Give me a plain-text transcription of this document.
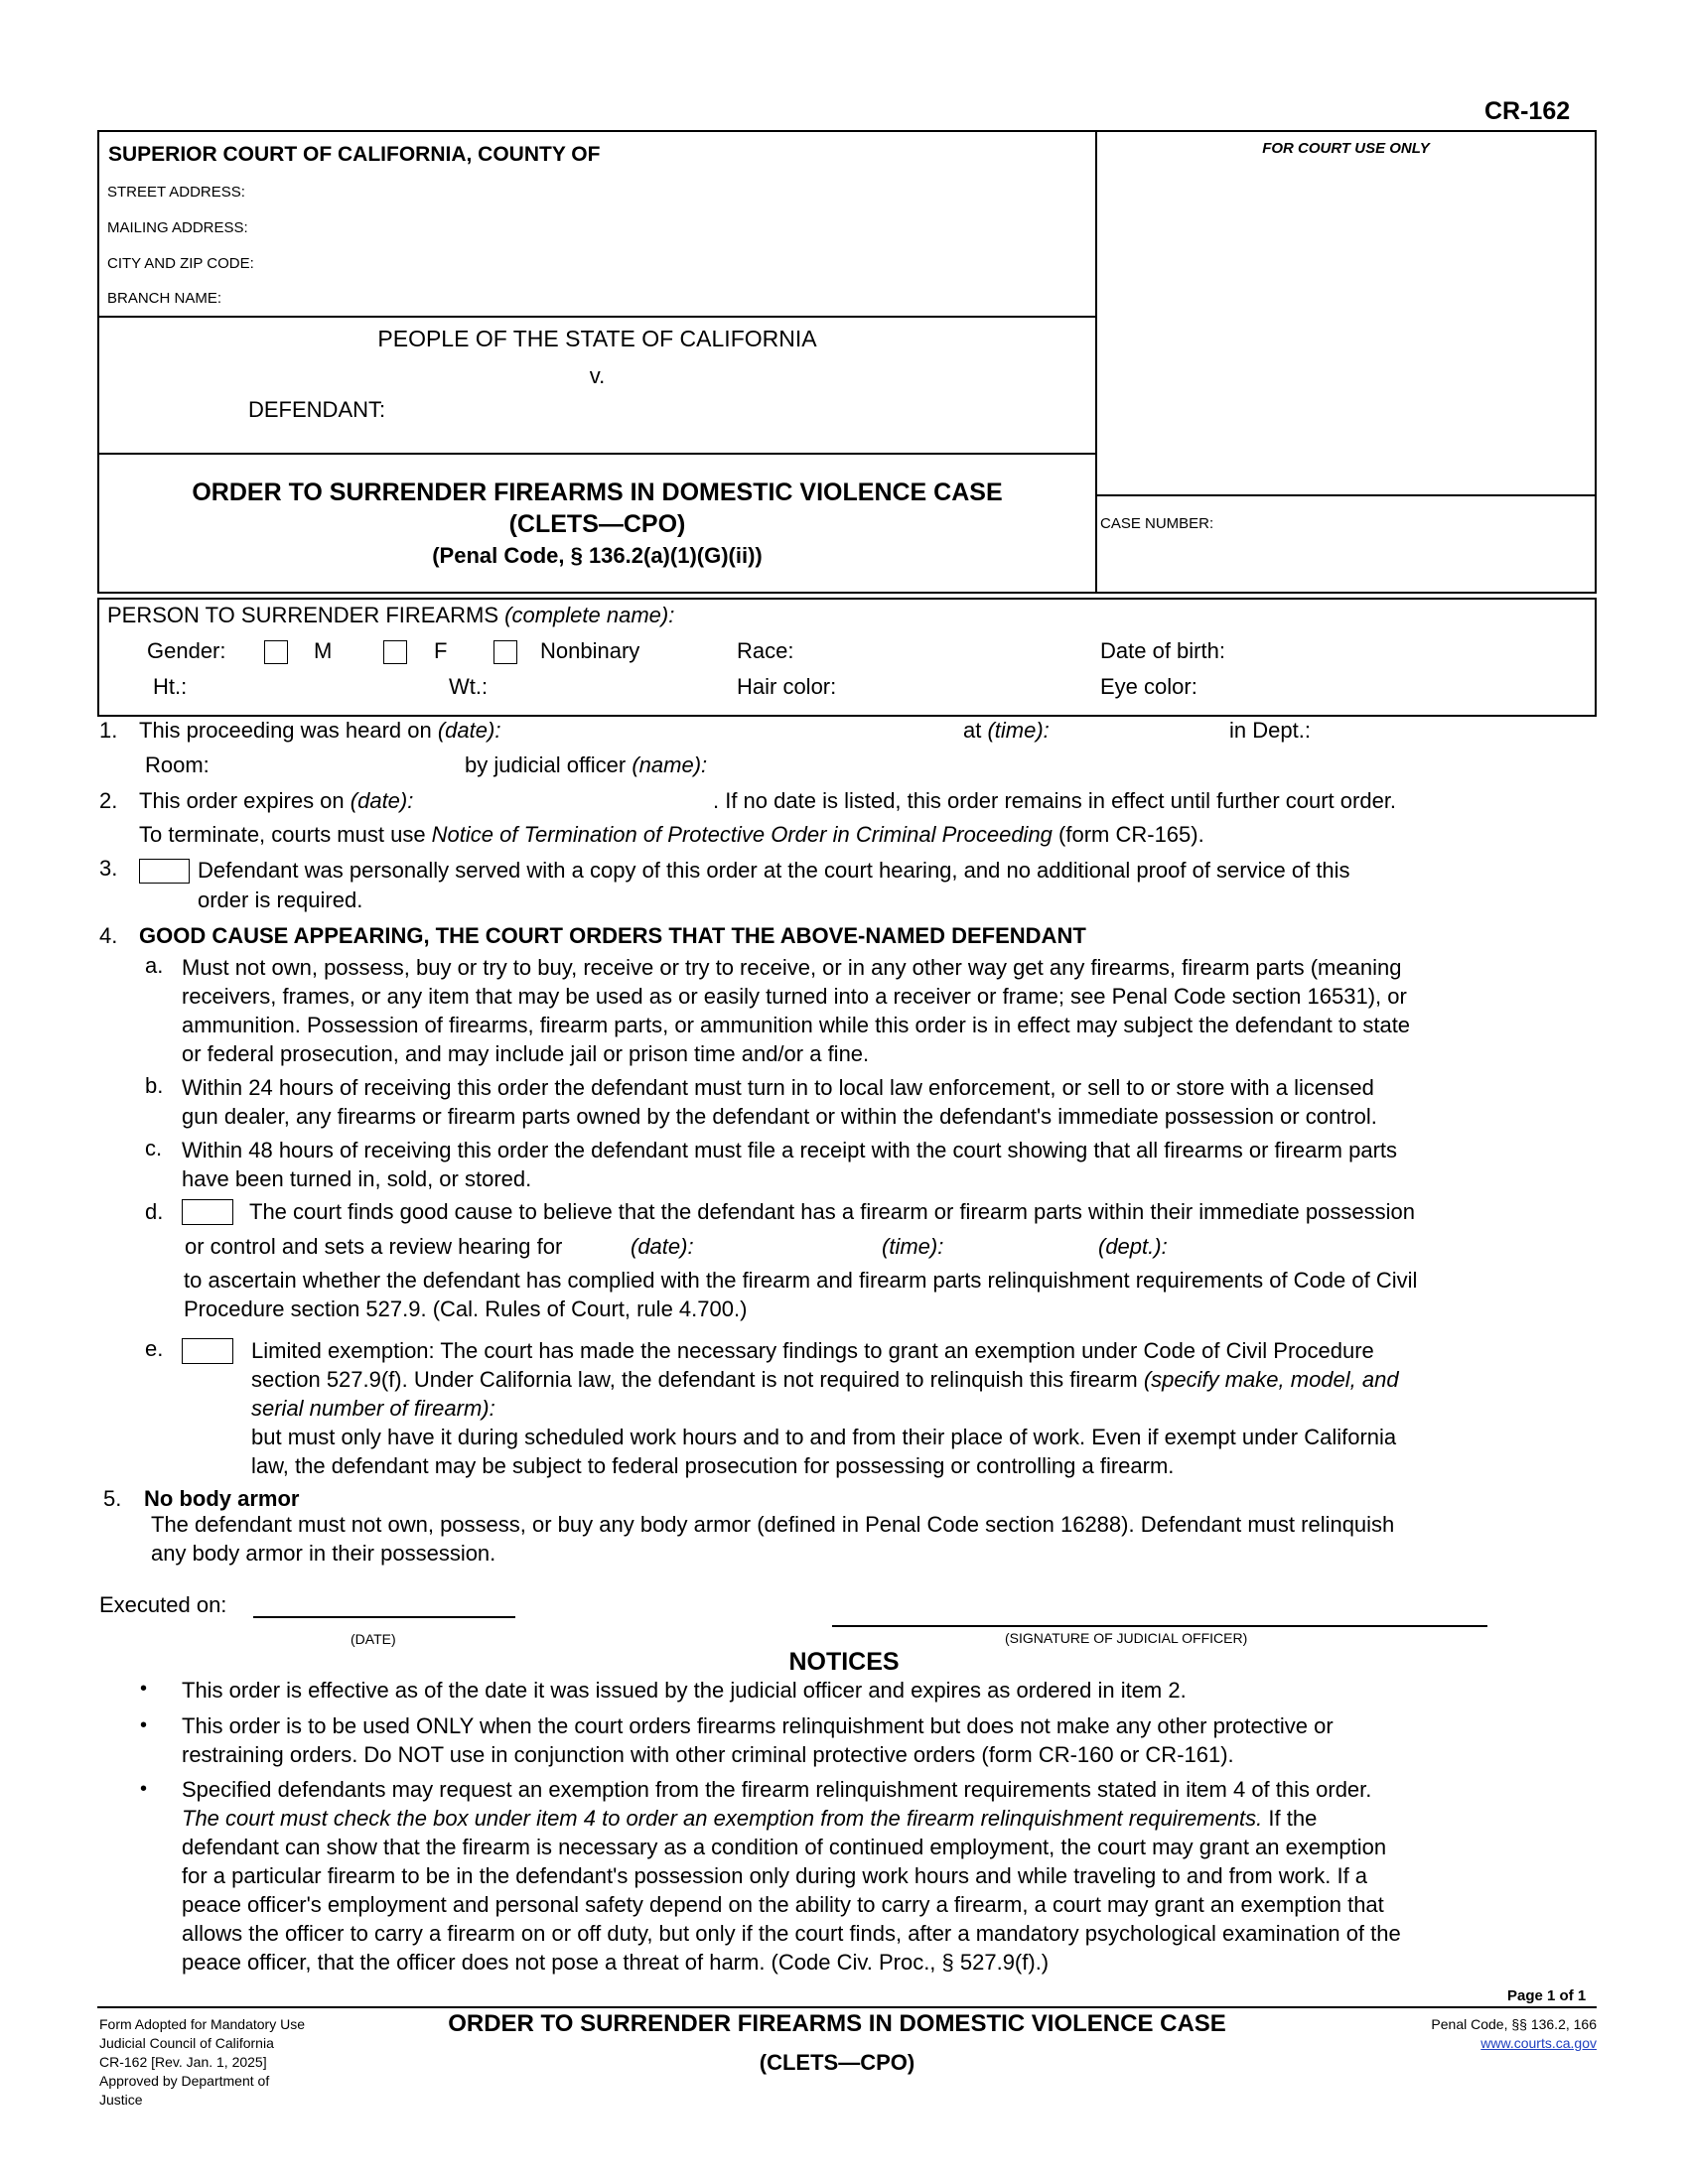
CR-162
SUPERIOR COURT OF CALIFORNIA, COUNTY OF
STREET ADDRESS:
MAILING ADDRESS:
CITY AND ZIP CODE:
BRANCH NAME:
FOR COURT USE ONLY
PEOPLE OF THE STATE OF CALIFORNIA
v.
DEFENDANT:
ORDER TO SURRENDER FIREARMS IN DOMESTIC VIOLENCE CASE
(CLETS—CPO)
(Penal Code, § 136.2(a)(1)(G)(ii))
CASE NUMBER:
PERSON TO SURRENDER FIREARMS (complete name):
Gender:	M	F	Nonbinary	Race:	Date of birth:
Ht.:	Wt.:	Hair color:	Eye color:
1. This proceeding was heard on (date):	at (time):	in Dept.:
Room:	by judicial officer (name):
2. This order expires on (date):	. If no date is listed, this order remains in effect until further court order.
To terminate, courts must use Notice of Termination of Protective Order in Criminal Proceeding (form CR-165).
3.	Defendant was personally served with a copy of this order at the court hearing, and no additional proof of service of this
order is required.
4. GOOD CAUSE APPEARING, THE COURT ORDERS THAT THE ABOVE-NAMED DEFENDANT
a. Must not own, possess, buy or try to buy, receive or try to receive, or in any other way get any firearms, firearm parts (meaning
receivers, frames, or any item that may be used as or easily turned into a receiver or frame; see Penal Code section 16531), or
ammunition. Possession of firearms, firearm parts, or ammunition while this order is in effect may subject the defendant to state
or federal prosecution, and may include jail or prison time and/or a fine.
b. Within 24 hours of receiving this order the defendant must turn in to local law enforcement, or sell to or store with a licensed
gun dealer, any firearms or firearm parts owned by the defendant or within the defendant's immediate possession or control.
c. Within 48 hours of receiving this order the defendant must file a receipt with the court showing that all firearms or firearm parts
have been turned in, sold, or stored.
d.	The court finds good cause to believe that the defendant has a firearm or firearm parts within their immediate possession
or control and sets a review hearing for	(date):	(time):	(dept.):
to ascertain whether the defendant has complied with the firearm and firearm parts relinquishment requirements of Code of Civil
Procedure section 527.9. (Cal. Rules of Court, rule 4.700.)
e.	Limited exemption: The court has made the necessary findings to grant an exemption under Code of Civil Procedure
section 527.9(f). Under California law, the defendant is not required to relinquish this firearm (specify make, model, and
serial number of firearm):
but must only have it during scheduled work hours and to and from their place of work. Even if exempt under California
law, the defendant may be subject to federal prosecution for possessing or controlling a firearm.
5. No body armor
The defendant must not own, possess, or buy any body armor (defined in Penal Code section 16288). Defendant must relinquish
any body armor in their possession.
Executed on:
(DATE)	(SIGNATURE OF JUDICIAL OFFICER)
NOTICES
• This order is effective as of the date it was issued by the judicial officer and expires as ordered in item 2.
• This order is to be used ONLY when the court orders firearms relinquishment but does not make any other protective or
restraining orders. Do NOT use in conjunction with other criminal protective orders (form CR-160 or CR-161).
• Specified defendants may request an exemption from the firearm relinquishment requirements stated in item 4 of this order.
The court must check the box under item 4 to order an exemption from the firearm relinquishment requirements. If the
defendant can show that the firearm is necessary as a condition of continued employment, the court may grant an exemption
for a particular firearm to be in the defendant's possession only during work hours and while traveling to and from work. If a
peace officer's employment and personal safety depend on the ability to carry a firearm, a court may grant an exemption that
allows the officer to carry a firearm on or off duty, but only if the court finds, after a mandatory psychological examination of the
peace officer, that the officer does not pose a threat of harm. (Code Civ. Proc., § 527.9(f).)
Page 1 of 1
Form Adopted for Mandatory Use
Judicial Council of California
CR-162 [Rev. Jan. 1, 2025]
Approved by Department of
Justice
ORDER TO SURRENDER FIREARMS IN DOMESTIC VIOLENCE CASE
(CLETS—CPO)
Penal Code, §§ 136.2, 166
www.courts.ca.gov
